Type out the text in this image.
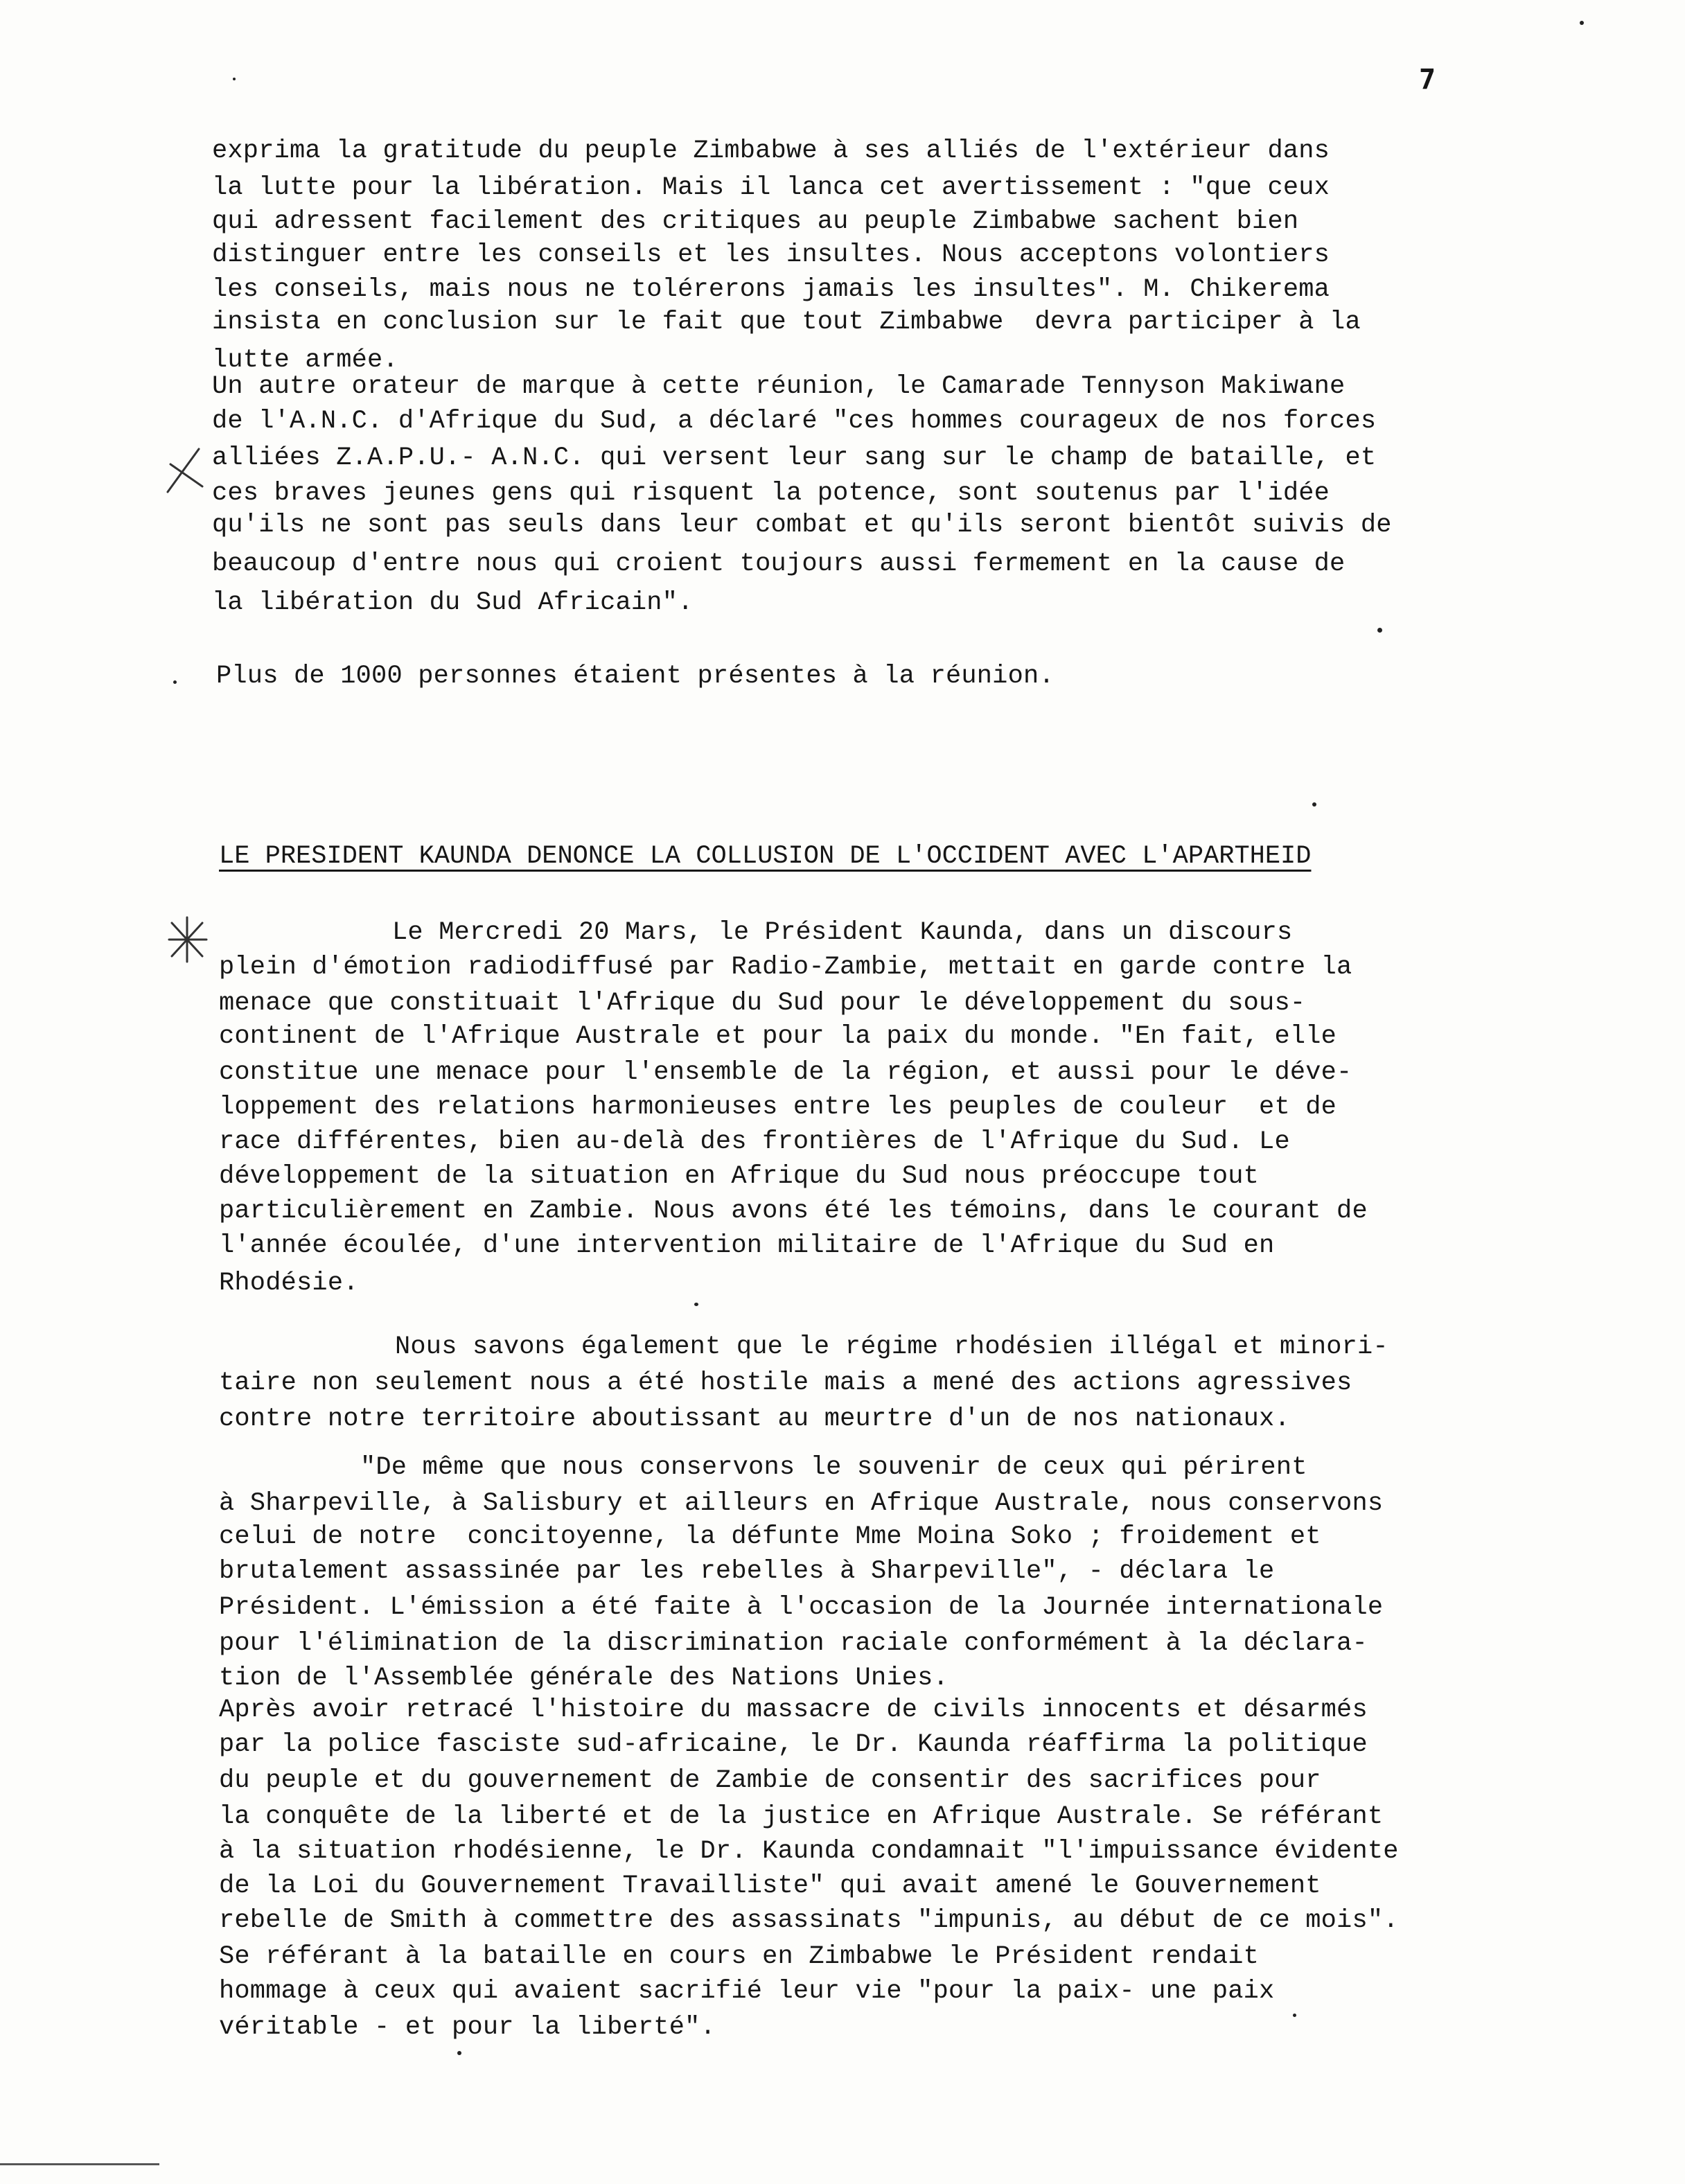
7
exprima la gratitude du peuple Zimbabwe à ses alliés de l'extérieur dans
la lutte pour la libération. Mais il lanca cet avertissement : "que ceux
qui adressent facilement des critiques au peuple Zimbabwe sachent bien
distinguer entre les conseils et les insultes. Nous acceptons volontiers
les conseils, mais nous ne tolérerons jamais les insultes". M. Chikerema
insista en conclusion sur le fait que tout Zimbabwe  devra participer à la
lutte armée.
Un autre orateur de marque à cette réunion, le Camarade Tennyson Makiwane
de l'A.N.C. d'Afrique du Sud, a déclaré "ces hommes courageux de nos forces
alliées Z.A.P.U.- A.N.C. qui versent leur sang sur le champ de bataille, et
ces braves jeunes gens qui risquent la potence, sont soutenus par l'idée
qu'ils ne sont pas seuls dans leur combat et qu'ils seront bientôt suivis de
beaucoup d'entre nous qui croient toujours aussi fermement en la cause de
la libération du Sud Africain".
Plus de 1000 personnes étaient présentes à la réunion.
LE PRESIDENT KAUNDA DENONCE LA COLLUSION DE L'OCCIDENT AVEC L'APARTHEID
Le Mercredi 20 Mars, le Président Kaunda, dans un discours
plein d'émotion radiodiffusé par Radio-Zambie, mettait en garde contre la
menace que constituait l'Afrique du Sud pour le développement du sous-
continent de l'Afrique Australe et pour la paix du monde. "En fait, elle
constitue une menace pour l'ensemble de la région, et aussi pour le déve-
loppement des relations harmonieuses entre les peuples de couleur  et de
race différentes, bien au-delà des frontières de l'Afrique du Sud. Le
développement de la situation en Afrique du Sud nous préoccupe tout
particulièrement en Zambie. Nous avons été les témoins, dans le courant de
l'année écoulée, d'une intervention militaire de l'Afrique du Sud en
Rhodésie.
Nous savons également que le régime rhodésien illégal et minori-
taire non seulement nous a été hostile mais a mené des actions agressives
contre notre territoire aboutissant au meurtre d'un de nos nationaux.
"De même que nous conservons le souvenir de ceux qui périrent
à Sharpeville, à Salisbury et ailleurs en Afrique Australe, nous conservons
celui de notre  concitoyenne, la défunte Mme Moina Soko ; froidement et
brutalement assassinée par les rebelles à Sharpeville", - déclara le
Président. L'émission a été faite à l'occasion de la Journée internationale
pour l'élimination de la discrimination raciale conformément à la déclara-
tion de l'Assemblée générale des Nations Unies.
Après avoir retracé l'histoire du massacre de civils innocents et désarmés
par la police fasciste sud-africaine, le Dr. Kaunda réaffirma la politique
du peuple et du gouvernement de Zambie de consentir des sacrifices pour
la conquête de la liberté et de la justice en Afrique Australe. Se référant
à la situation rhodésienne, le Dr. Kaunda condamnait "l'impuissance évidente
de la Loi du Gouvernement Travailliste" qui avait amené le Gouvernement
rebelle de Smith à commettre des assassinats "impunis, au début de ce mois".
Se référant à la bataille en cours en Zimbabwe le Président rendait
hommage à ceux qui avaient sacrifié leur vie "pour la paix- une paix
véritable - et pour la liberté".
